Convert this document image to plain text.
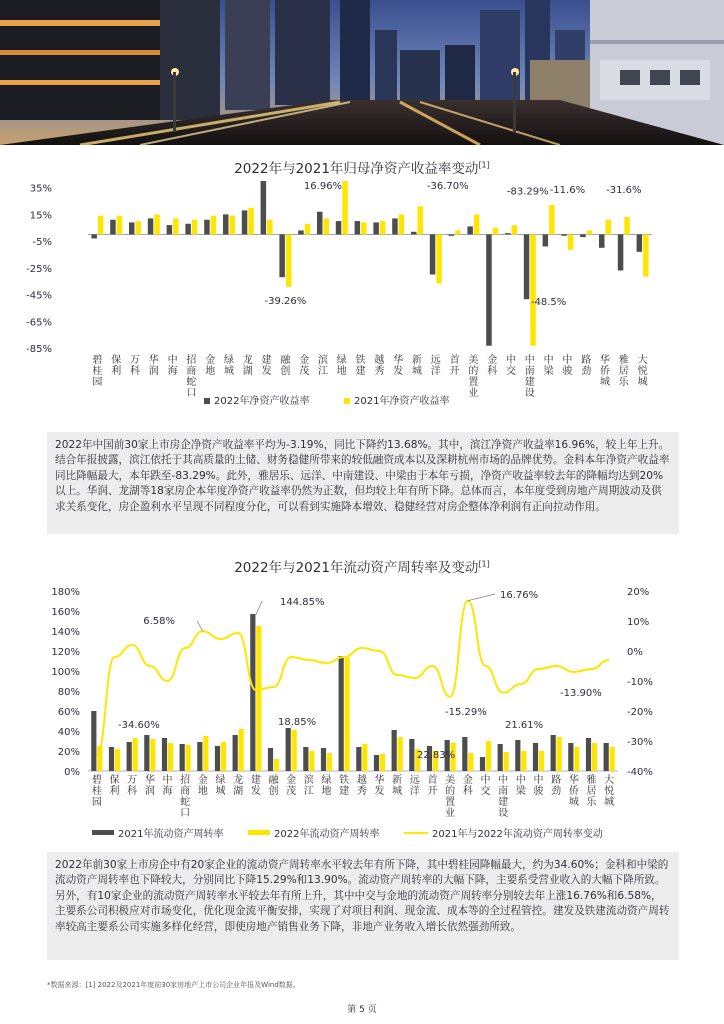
2022年与2021年归母净资产收益率变动[1]
35%
15%
-5%
-25%
-45%
-65%
-85%
碧桂园
保利
万科
华润
中海
招商蛇口
金地
绿城
龙湖
建发
融创
金茂
滨江
绿地
铁建
越秀
华发
新城
远洋
首开
美的置业
金科
中交
中南建设
中梁
中骏
路劲
华侨城
雅居乐
大悦城
16.96%	-36.70%	-83.29% -11.6% -31.6%
-39.26%	-48.5%
2022年净资产收益率	2021年净资产收益率
2022年中国前30家上市房企净资产收益率平均为-3.19%，同比下降约13.68%。其中，滨江净资产收益率16.96%，较上年上升。结合年报披露，滨江依托于其高质量的土储、财务稳健所带来的较低融资成本以及深耕杭州市场的品牌优势。金科本年净资产收益率同比降幅最大，本年跌至-83.29%。此外，雅居乐、远洋、中南建设、中梁由于本年亏损，净资产收益率较去年的降幅均达到20%以上。华润、龙湖等18家房企本年度净资产收益率仍然为正数，但均较上年有所下降。总体而言，本年度受到房地产周期波动及供求关系变化，房企盈利水平呈现不同程度分化，可以看到实施降本增效、稳健经营对房企整体净利润有正向拉动作用。
2022年与2021年流动资产周转率及变动[1]
180%
160%
140%
120%
100%
80%
60%
40%
20%
0%
20%
10%
0%
-10%
-20%
-30%
-40%
碧桂园
保利
万科
华润
中海
招商蛇口
金地
绿城
龙湖
建发
融创
金茂
滨江
绿地
铁建
越秀
华发
新城
远洋
首开
美的置业
金科
中交
中南建设
中梁
中骏
路劲
华侨城
雅居乐
大悦城
144.85%
6.58%
-34.60%	18.85%
22.83%
-15.29%
16.76%
21.61%
-13.90%
2021年流动资产周转率	2022年流动资产周转率	2021年与2022年流动资产周转率变动
2022年前30家上市房企中有20家企业的流动资产周转率水平较去年有所下降，其中碧桂园降幅最大，约为34.60%；金科和中梁的流动资产周转率也下降较大，分别同比下降15.29%和13.90%。流动资产周转率的大幅下降，主要系受营业收入的大幅下降所致。另外，有10家企业的流动资产周转率水平较去年有所上升，其中中交与金地的流动资产周转率分别较去年上涨16.76%和6.58%，主要系公司积极应对市场变化，优化现金流平衡安排，实现了对项目利润、现金流、成本等的全过程管控。建发及铁建流动资产周转率较高主要系公司实施多样化经营，即使房地产销售业务下降，非地产业务收入增长依然强劲所致。
*数据来源：[1] 2022及2021年度前30家房地产上市公司企业年报及Wind数据。
第 5 页
